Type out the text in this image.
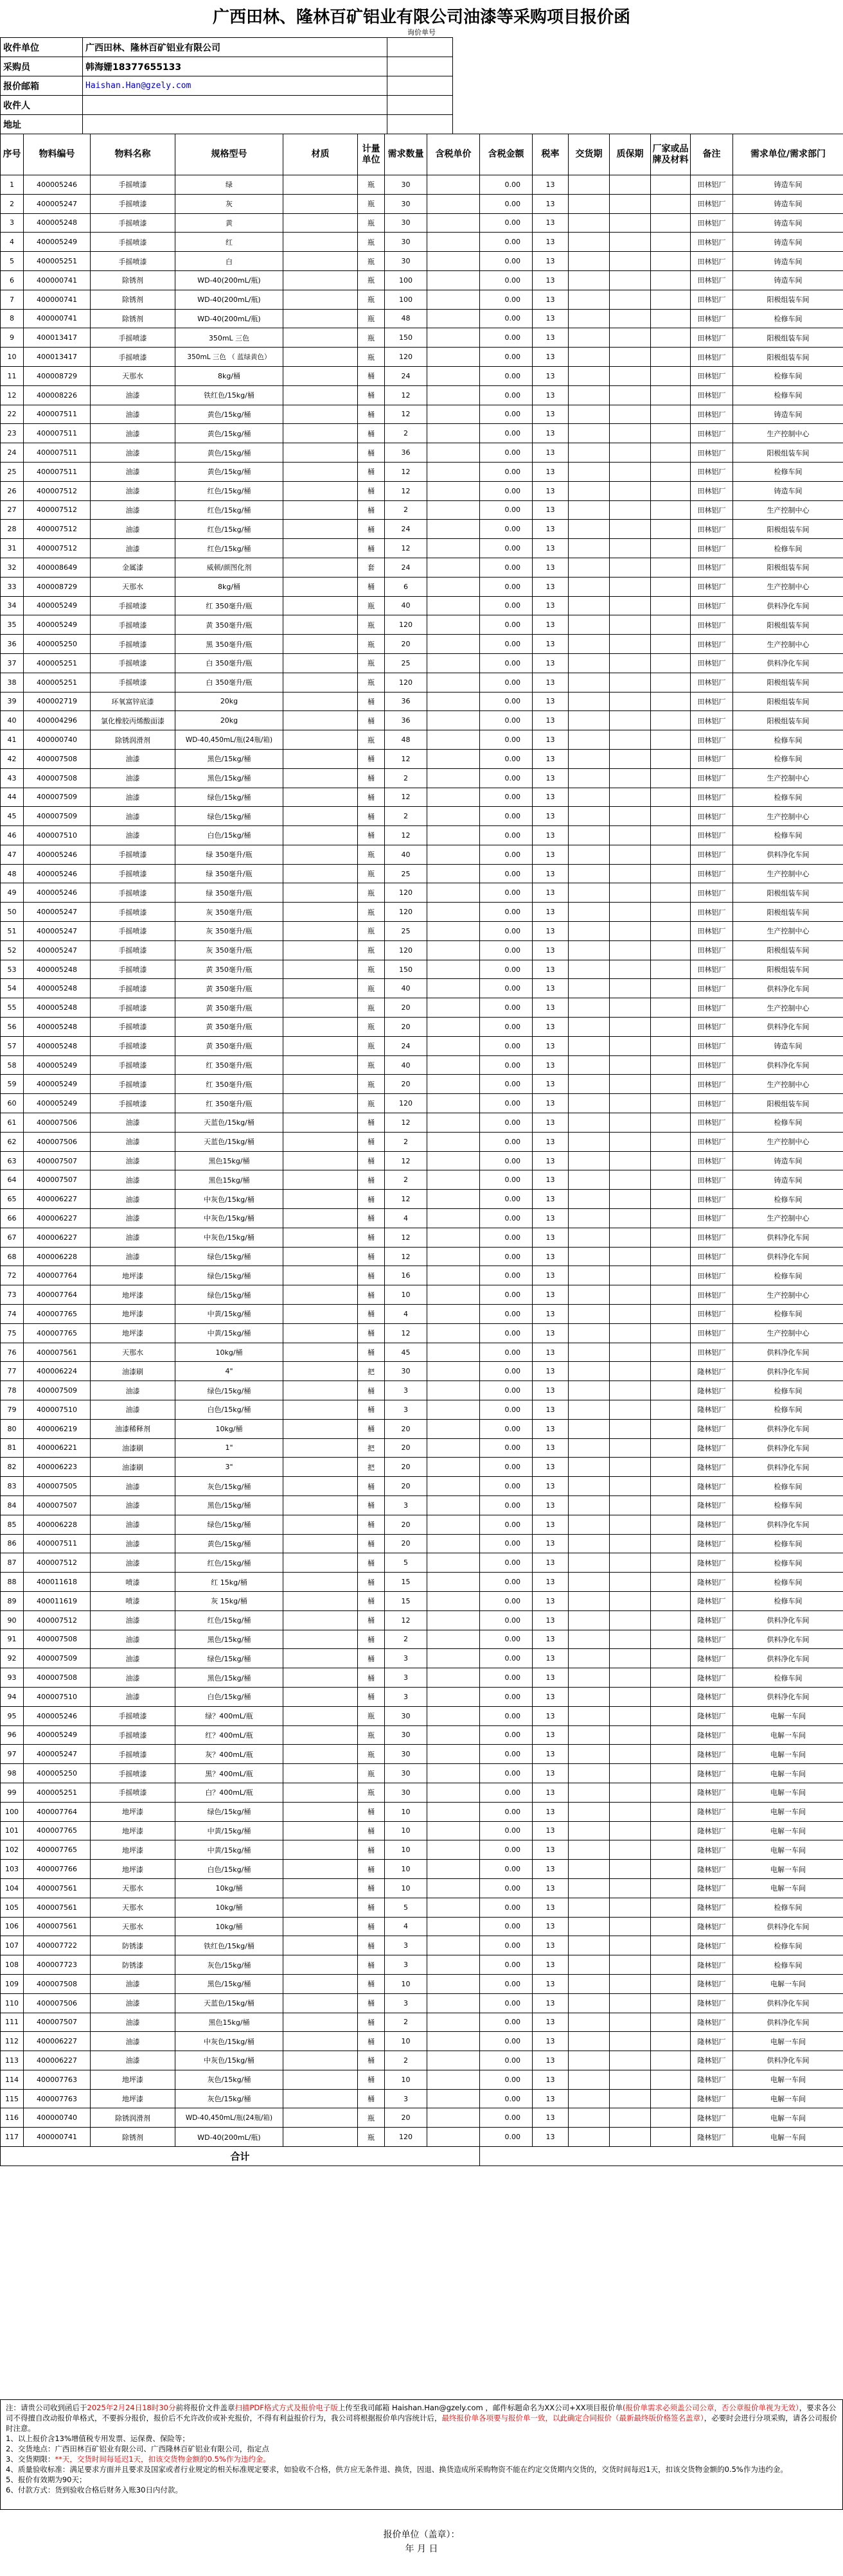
广西田林、隆林百矿铝业有限公司油漆等采购项目报价函
询价单号
收件单位	广西田林、隆林百矿铝业有限公司		
采购员	韩海姗18377655133		
报价邮箱	Haishan.Han@gzely.com		
收件人			
地址			
序号	物料编号	物料名称	规格型号	材质	计量单位	需求数量	含税单价	含税金额	税率	交货期	质保期	厂家或品牌及材料	备注	需求单位/需求部门
1	400005246	手摇喷漆	绿		瓶	30		0.00	13				田林铝厂	铸造车间
2	400005247	手摇喷漆	灰		瓶	30		0.00	13				田林铝厂	铸造车间
3	400005248	手摇喷漆	黄		瓶	30		0.00	13				田林铝厂	铸造车间
4	400005249	手摇喷漆	红		瓶	30		0.00	13				田林铝厂	铸造车间
5	400005251	手摇喷漆	白		瓶	30		0.00	13				田林铝厂	铸造车间
6	400000741	除锈剂	WD-40(200mL/瓶)		瓶	100		0.00	13				田林铝厂	铸造车间
7	400000741	除锈剂	WD-40(200mL/瓶)		瓶	100		0.00	13				田林铝厂	阳极组装车间
8	400000741	除锈剂	WD-40(200mL/瓶)		瓶	48		0.00	13				田林铝厂	检修车间
9	400013417	手摇喷漆	350mL 三色		瓶	150		0.00	13				田林铝厂	阳极组装车间
10	400013417	手摇喷漆	350mL 三色 （ 蓝绿黄色）		瓶	120		0.00	13				田林铝厂	阳极组装车间
11	400008729	天那水	8kg/桶		桶	24		0.00	13				田林铝厂	检修车间
12	400008226	油漆	铁红色/15kg/桶		桶	12		0.00	13				田林铝厂	检修车间
22	400007511	油漆	黄色/15kg/桶		桶	12		0.00	13				田林铝厂	铸造车间
23	400007511	油漆	黄色/15kg/桶		桶	2		0.00	13				田林铝厂	生产控制中心
24	400007511	油漆	黄色/15kg/桶		桶	36		0.00	13				田林铝厂	阳极组装车间
25	400007511	油漆	黄色/15kg/桶		桶	12		0.00	13				田林铝厂	检修车间
26	400007512	油漆	红色/15kg/桶		桶	12		0.00	13				田林铝厂	铸造车间
27	400007512	油漆	红色/15kg/桶		桶	2		0.00	13				田林铝厂	生产控制中心
28	400007512	油漆	红色/15kg/桶		桶	24		0.00	13				田林铝厂	阳极组装车间
31	400007512	油漆	红色/15kg/桶		桶	12		0.00	13				田林铝厂	检修车间
32	400008649	金属漆	威顿/颜图化剂		套	24		0.00	13				田林铝厂	阳极组装车间
33	400008729	天那水	8kg/桶		桶	6		0.00	13				田林铝厂	生产控制中心
34	400005249	手摇喷漆	红 350毫升/瓶		瓶	40		0.00	13				田林铝厂	供料净化车间
35	400005249	手摇喷漆	黄 350毫升/瓶		瓶	120		0.00	13				田林铝厂	阳极组装车间
36	400005250	手摇喷漆	黑 350毫升/瓶		瓶	20		0.00	13				田林铝厂	生产控制中心
37	400005251	手摇喷漆	白 350毫升/瓶		瓶	25		0.00	13				田林铝厂	供料净化车间
38	400005251	手摇喷漆	白 350毫升/瓶		瓶	120		0.00	13				田林铝厂	阳极组装车间
39	400002719	环氧富锌底漆	20kg		桶	36		0.00	13				田林铝厂	阳极组装车间
40	400004296	氯化橡胶丙烯酸面漆	20kg		桶	36		0.00	13				田林铝厂	阳极组装车间
41	400000740	除锈润滑剂	WD-40,450mL/瓶(24瓶/箱)		瓶	48		0.00	13				田林铝厂	检修车间
42	400007508	油漆	黑色/15kg/桶		桶	12		0.00	13				田林铝厂	检修车间
43	400007508	油漆	黑色/15kg/桶		桶	2		0.00	13				田林铝厂	生产控制中心
44	400007509	油漆	绿色/15kg/桶		桶	12		0.00	13				田林铝厂	检修车间
45	400007509	油漆	绿色/15kg/桶		桶	2		0.00	13				田林铝厂	生产控制中心
46	400007510	油漆	白色/15kg/桶		桶	12		0.00	13				田林铝厂	检修车间
47	400005246	手摇喷漆	绿 350毫升/瓶		瓶	40		0.00	13				田林铝厂	供料净化车间
48	400005246	手摇喷漆	绿 350毫升/瓶		瓶	25		0.00	13				田林铝厂	生产控制中心
49	400005246	手摇喷漆	绿 350毫升/瓶		瓶	120		0.00	13				田林铝厂	阳极组装车间
50	400005247	手摇喷漆	灰 350毫升/瓶		瓶	120		0.00	13				田林铝厂	阳极组装车间
51	400005247	手摇喷漆	灰 350毫升/瓶		瓶	25		0.00	13				田林铝厂	生产控制中心
52	400005247	手摇喷漆	灰 350毫升/瓶		瓶	120		0.00	13				田林铝厂	阳极组装车间
53	400005248	手摇喷漆	黄 350毫升/瓶		瓶	150		0.00	13				田林铝厂	阳极组装车间
54	400005248	手摇喷漆	黄 350毫升/瓶		瓶	40		0.00	13				田林铝厂	供料净化车间
55	400005248	手摇喷漆	黄 350毫升/瓶		瓶	20		0.00	13				田林铝厂	生产控制中心
56	400005248	手摇喷漆	黄 350毫升/瓶		瓶	20		0.00	13				田林铝厂	供料净化车间
57	400005248	手摇喷漆	黄 350毫升/瓶		瓶	24		0.00	13				田林铝厂	铸造车间
58	400005249	手摇喷漆	红 350毫升/瓶		瓶	40		0.00	13				田林铝厂	供料净化车间
59	400005249	手摇喷漆	红 350毫升/瓶		瓶	20		0.00	13				田林铝厂	生产控制中心
60	400005249	手摇喷漆	红 350毫升/瓶		瓶	120		0.00	13				田林铝厂	阳极组装车间
61	400007506	油漆	天蓝色/15kg/桶		桶	12		0.00	13				田林铝厂	检修车间
62	400007506	油漆	天蓝色/15kg/桶		桶	2		0.00	13				田林铝厂	生产控制中心
63	400007507	油漆	黑色15kg/桶		桶	12		0.00	13				田林铝厂	铸造车间
64	400007507	油漆	黑色15kg/桶		桶	2		0.00	13				田林铝厂	铸造车间
65	400006227	油漆	中灰色/15kg/桶		桶	12		0.00	13				田林铝厂	检修车间
66	400006227	油漆	中灰色/15kg/桶		桶	4		0.00	13				田林铝厂	生产控制中心
67	400006227	油漆	中灰色/15kg/桶		桶	12		0.00	13				田林铝厂	供料净化车间
68	400006228	油漆	绿色/15kg/桶		桶	12		0.00	13				田林铝厂	供料净化车间
72	400007764	地坪漆	绿色/15kg/桶		桶	16		0.00	13				田林铝厂	检修车间
73	400007764	地坪漆	绿色/15kg/桶		桶	10		0.00	13				田林铝厂	生产控制中心
74	400007765	地坪漆	中黄/15kg/桶		桶	4		0.00	13				田林铝厂	检修车间
75	400007765	地坪漆	中黄/15kg/桶		桶	12		0.00	13				田林铝厂	生产控制中心
76	400007561	天那水	10kg/桶		桶	45		0.00	13				田林铝厂	供料净化车间
77	400006224	油漆刷	4"		把	30		0.00	13				隆林铝厂	供料净化车间
78	400007509	油漆	绿色/15kg/桶		桶	3		0.00	13				隆林铝厂	检修车间
79	400007510	油漆	白色/15kg/桶		桶	3		0.00	13				隆林铝厂	检修车间
80	400006219	油漆稀释剂	10kg/桶		桶	20		0.00	13				隆林铝厂	供料净化车间
81	400006221	油漆刷	1"		把	20		0.00	13				隆林铝厂	供料净化车间
82	400006223	油漆刷	3"		把	20		0.00	13				隆林铝厂	供料净化车间
83	400007505	油漆	灰色/15kg/桶		桶	20		0.00	13				隆林铝厂	检修车间
84	400007507	油漆	黑色/15kg/桶		桶	3		0.00	13				隆林铝厂	检修车间
85	400006228	油漆	绿色/15kg/桶		桶	20		0.00	13				隆林铝厂	供料净化车间
86	400007511	油漆	黄色/15kg/桶		桶	20		0.00	13				隆林铝厂	检修车间
87	400007512	油漆	红色/15kg/桶		桶	5		0.00	13				隆林铝厂	检修车间
88	400011618	喷漆	红 15kg/桶		桶	15		0.00	13				隆林铝厂	检修车间
89	400011619	喷漆	灰 15kg/桶		桶	15		0.00	13				隆林铝厂	检修车间
90	400007512	油漆	红色/15kg/桶		桶	12		0.00	13				隆林铝厂	供料净化车间
91	400007508	油漆	黑色/15kg/桶		桶	2		0.00	13				隆林铝厂	供料净化车间
92	400007509	油漆	绿色/15kg/桶		桶	3		0.00	13				隆林铝厂	供料净化车间
93	400007508	油漆	黑色/15kg/桶		桶	3		0.00	13				隆林铝厂	检修车间
94	400007510	油漆	白色/15kg/桶		桶	3		0.00	13				隆林铝厂	供料净化车间
95	400005246	手摇喷漆	绿？400mL/瓶		瓶	30		0.00	13				隆林铝厂	电解一车间
96	400005249	手摇喷漆	红？400mL/瓶		瓶	30		0.00	13				隆林铝厂	电解一车间
97	400005247	手摇喷漆	灰？400mL/瓶		瓶	30		0.00	13				隆林铝厂	电解一车间
98	400005250	手摇喷漆	黑？400mL/瓶		瓶	30		0.00	13				隆林铝厂	电解一车间
99	400005251	手摇喷漆	白？400mL/瓶		瓶	30		0.00	13				隆林铝厂	电解一车间
100	400007764	地坪漆	绿色/15kg/桶		桶	10		0.00	13				隆林铝厂	电解一车间
101	400007765	地坪漆	中黄/15kg/桶		桶	10		0.00	13				隆林铝厂	电解一车间
102	400007765	地坪漆	中黄/15kg/桶		桶	10		0.00	13				隆林铝厂	电解一车间
103	400007766	地坪漆	白色/15kg/桶		桶	10		0.00	13				隆林铝厂	电解一车间
104	400007561	天那水	10kg/桶		桶	10		0.00	13				隆林铝厂	电解一车间
105	400007561	天那水	10kg/桶		桶	5		0.00	13				隆林铝厂	检修车间
106	400007561	天那水	10kg/桶		桶	4		0.00	13				隆林铝厂	供料净化车间
107	400007722	防锈漆	铁红色/15kg/桶		桶	3		0.00	13				隆林铝厂	检修车间
108	400007723	防锈漆	灰色/15kg/桶		桶	3		0.00	13				隆林铝厂	检修车间
109	400007508	油漆	黑色/15kg/桶		桶	10		0.00	13				隆林铝厂	电解一车间
110	400007506	油漆	天蓝色/15kg/桶		桶	3		0.00	13				隆林铝厂	供料净化车间
111	400007507	油漆	黑色15kg/桶		桶	2		0.00	13				隆林铝厂	供料净化车间
112	400006227	油漆	中灰色/15kg/桶		桶	10		0.00	13				隆林铝厂	电解一车间
113	400006227	油漆	中灰色/15kg/桶		桶	2		0.00	13				隆林铝厂	供料净化车间
114	400007763	地坪漆	灰色/15kg/桶		桶	10		0.00	13				隆林铝厂	电解一车间
115	400007763	地坪漆	灰色/15kg/桶		桶	3		0.00	13				隆林铝厂	电解一车间
116	400000740	除锈润滑剂	WD-40,450mL/瓶(24瓶/箱)		瓶	20		0.00	13				隆林铝厂	电解一车间
117	400000741	除锈剂	WD-40(200mL/瓶)		瓶	120		0.00	13				隆林铝厂	电解一车间
合计														
注：请贵公司收到函后于2025年2月24日18时30分前将报价文件盖章扫描PDF格式方式及报价电子版上传至我司邮箱 Haishan.Han@gzely.com ，邮件标题命名为XX公司+XX项目报价单(报价单需求必须盖公司公章，否公章报价单视为无效），要求各公司不得擅自改动报价单格式，不要拆分报价，报价后不允许改价或补充报价，不得有利益报价行为，我公司将根据报价单内容统计后，最终报价单各项要与报价单一致，以此确定合同报价（最新最终版价格签名盖章），必要时会进行分项采购，请各公司报价时注意。
1、以上报价含13%增值税专用发票、运保费、保险等；
2、交货地点：广西田林百矿铝业有限公司、广西隆林百矿铝业有限公司，指定点
3、交货期限：**天，交货时间每延迟1天，扣该交货物金额的0.5%作为违约金。
4、质量验收标准：满足要求方面并且要求及国家或者行业规定的相关标准规定要求，如验收不合格，供方应无条件退、换货，因退、换货造成所采购物资不能在约定交货期内交货的，交货时间每迟1天，扣该交货物金额的0.5%作为违约金。
5、报价有效期为90天；
6、付款方式：货到验收合格后财务入账30日内付款。
报价单位（盖章）：
年 月 日
